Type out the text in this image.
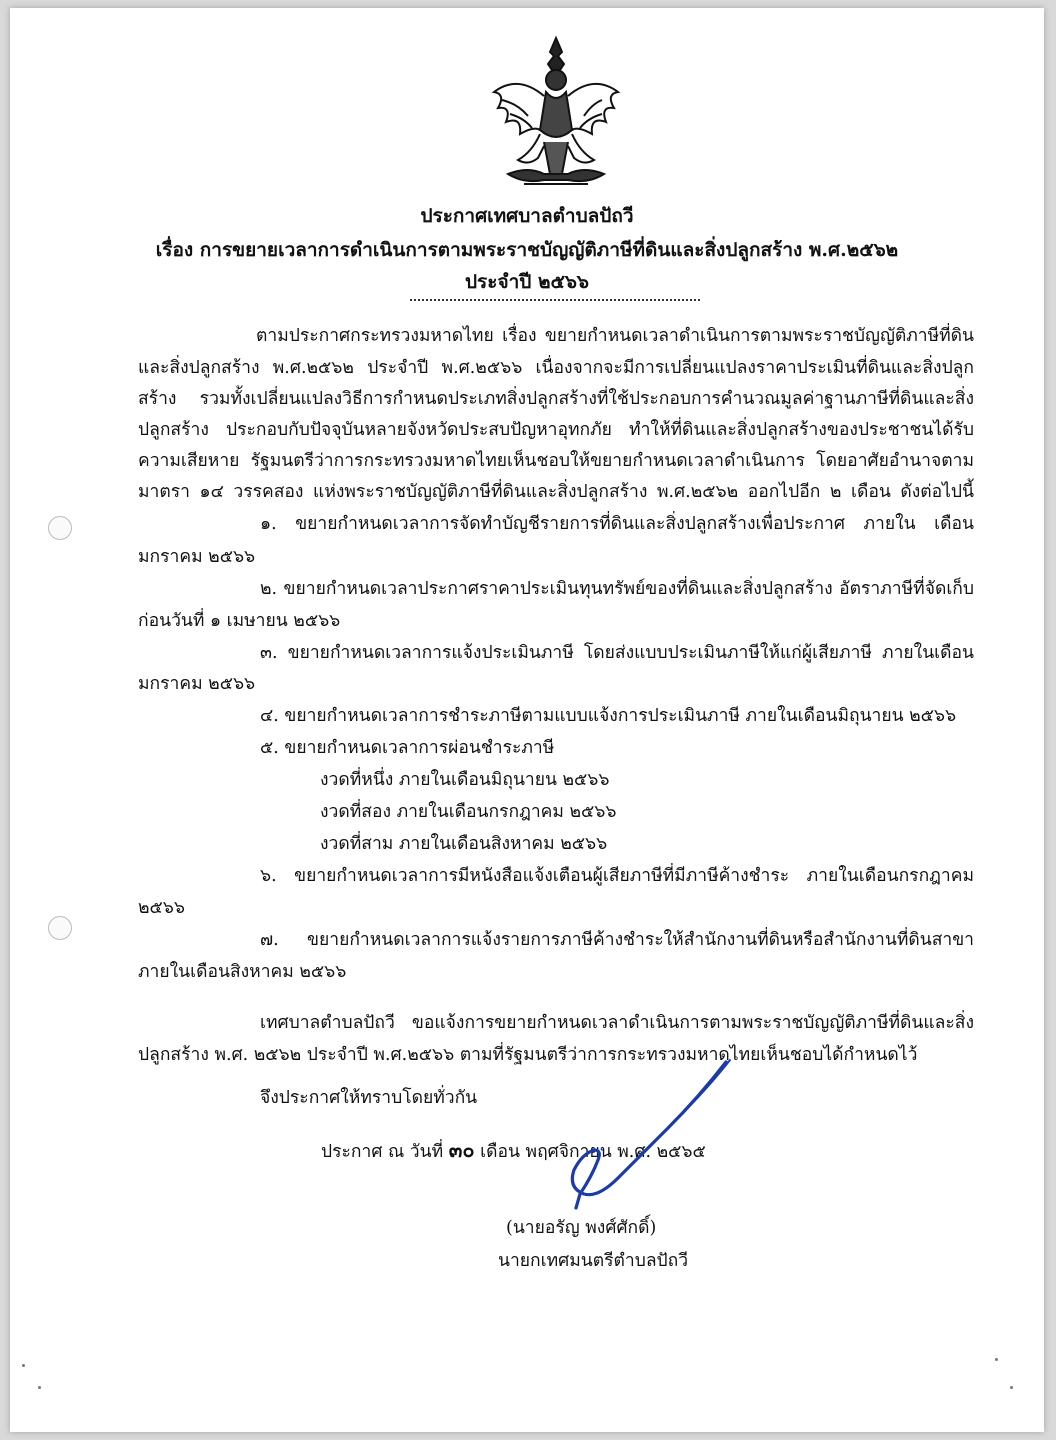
ประกาศเทศบาลตำบลปัถวี
เรื่อง การขยายเวลาการดำเนินการตามพระราชบัญญัติภาษีที่ดินและสิ่งปลูกสร้าง พ.ศ.๒๕๖๒
ประจำปี ๒๕๖๖
ตามประกาศกระทรวงมหาดไทย เรื่อง ขยายกำหนดเวลาดำเนินการตามพระราชบัญญัติภาษีที่ดิน
และสิ่งปลูกสร้าง พ.ศ.๒๕๖๒ ประจำปี พ.ศ.๒๕๖๖ เนื่องจากจะมีการเปลี่ยนแปลงราคาประเมินที่ดินและสิ่งปลูก
สร้าง รวมทั้งเปลี่ยนแปลงวิธีการกำหนดประเภทสิ่งปลูกสร้างที่ใช้ประกอบการคำนวณมูลค่าฐานภาษีที่ดินและสิ่ง
ปลูกสร้าง ประกอบกับปัจจุบันหลายจังหวัดประสบปัญหาอุทกภัย ทำให้ที่ดินและสิ่งปลูกสร้างของประชาชนได้รับ
ความเสียหาย รัฐมนตรีว่าการกระทรวงมหาดไทยเห็นชอบให้ขยายกำหนดเวลาดำเนินการ โดยอาศัยอำนาจตาม
มาตรา ๑๔ วรรคสอง แห่งพระราชบัญญัติภาษีที่ดินและสิ่งปลูกสร้าง พ.ศ.๒๕๖๒ ออกไปอีก ๒ เดือน ดังต่อไปนี้
๑. ขยายกำหนดเวลาการจัดทำบัญชีรายการที่ดินและสิ่งปลูกสร้างเพื่อประกาศ ภายใน เดือน
มกราคม ๒๕๖๖
๒. ขยายกำหนดเวลาประกาศราคาประเมินทุนทรัพย์ของที่ดินและสิ่งปลูกสร้าง อัตราภาษีที่จัดเก็บ
ก่อนวันที่ ๑ เมษายน ๒๕๖๖
๓. ขยายกำหนดเวลาการแจ้งประเมินภาษี โดยส่งแบบประเมินภาษีให้แก่ผู้เสียภาษี ภายในเดือน
มกราคม ๒๕๖๖
๔. ขยายกำหนดเวลาการชำระภาษีตามแบบแจ้งการประเมินภาษี ภายในเดือนมิถุนายน ๒๕๖๖
๕. ขยายกำหนดเวลาการผ่อนชำระภาษี
งวดที่หนึ่ง ภายในเดือนมิถุนายน ๒๕๖๖
งวดที่สอง ภายในเดือนกรกฎาคม ๒๕๖๖
งวดที่สาม ภายในเดือนสิงหาคม ๒๕๖๖
๖. ขยายกำหนดเวลาการมีหนังสือแจ้งเตือนผู้เสียภาษีที่มีภาษีค้างชำระ ภายในเดือนกรกฎาคม
๒๕๖๖
๗. ขยายกำหนดเวลาการแจ้งรายการภาษีค้างชำระให้สำนักงานที่ดินหรือสำนักงานที่ดินสาขา
ภายในเดือนสิงหาคม ๒๕๖๖
เทศบาลตำบลปัถวี ขอแจ้งการขยายกำหนดเวลาดำเนินการตามพระราชบัญญัติภาษีที่ดินและสิ่ง
ปลูกสร้าง พ.ศ. ๒๕๖๒ ประจำปี พ.ศ.๒๕๖๖ ตามที่รัฐมนตรีว่าการกระทรวงมหาดไทยเห็นชอบได้กำหนดไว้
จึงประกาศให้ทราบโดยทั่วกัน
ประกาศ ณ วันที่ ๓๐ เดือน พฤศจิกายน พ.ศ. ๒๕๖๕
(นายอรัญ พงศ์ศักดิ์)
นายกเทศมนตรีตำบลปัถวี
